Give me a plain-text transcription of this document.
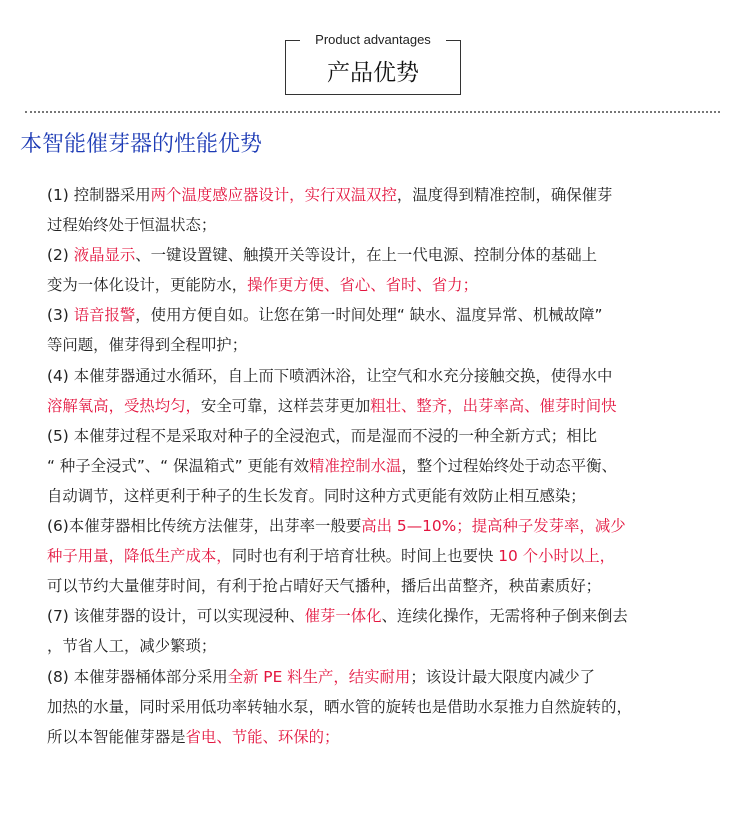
Product advantages
产品优势
本智能催芽器的性能优势
(1) 控制器采用两个温度感应器设计，实行双温双控，温度得到精准控制，确保催芽
过程始终处于恒温状态；
(2) 液晶显示、一键设置键、触摸开关等设计，在上一代电源、控制分体的基础上
变为一体化设计，更能防水，操作更方便、省心、省时、省力；
(3) 语音报警，使用方便自如。让您在第一时间处理“ 缺水、温度异常、机械故障”
等问题，催芽得到全程叩护；
(4) 本催芽器通过水循环，自上而下喷洒沐浴，让空气和水充分接触交换，使得水中
溶解氧高，受热均匀，安全可靠，这样芸芽更加粗壮、整齐，出芽率高、催芽时间快
(5) 本催芽过程不是采取对种子的全浸泡式，而是湿而不浸的一种全新方式；相比
“ 种子全浸式”、“ 保温箱式” 更能有效精准控制水温，整个过程始终处于动态平衡、
自动调节，这样更利于种子的生长发育。同时这种方式更能有效防止相互感染；
(6)本催芽器相比传统方法催芽，出芽率一般要高出 5—10%；提高种子发芽率，减少
种子用量，降低生产成本，同时也有利于培育壮秧。时间上也要快 10 个小时以上，
可以节约大量催芽时间，有利于抢占晴好天气播种，播后出苗整齐，秧苗素质好；
(7) 该催芽器的设计，可以实现浸种、催芽一体化、连续化操作，无需将种子倒来倒去
，节省人工，减少繁琐；
(8) 本催芽器桶体部分采用全新 PE 料生产，结实耐用；该设计最大限度内减少了
加热的水量，同时采用低功率转轴水泵，晒水管的旋转也是借助水泵推力自然旋转的，
所以本智能催芽器是省电、节能、环保的；
